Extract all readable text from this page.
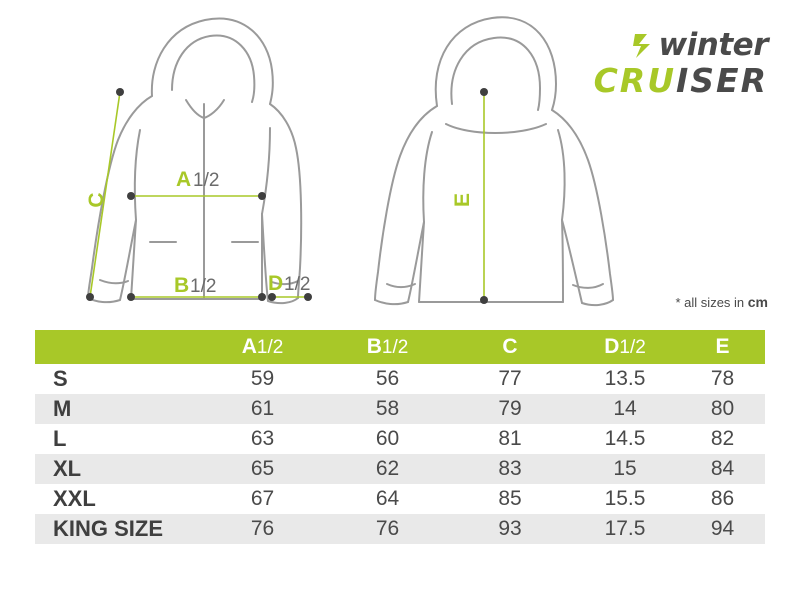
winter
CRUISER
C
A 1/2
B 1/2 D 1/2
E
* all sizes in cm
	A1/2	B1/2	C	D1/2	E
S	59	56	77	13.5	78
M	61	58	79	14	80
L	63	60	81	14.5	82
XL	65	62	83	15	84
XXL	67	64	85	15.5	86
KING SIZE	76	76	93	17.5	94
